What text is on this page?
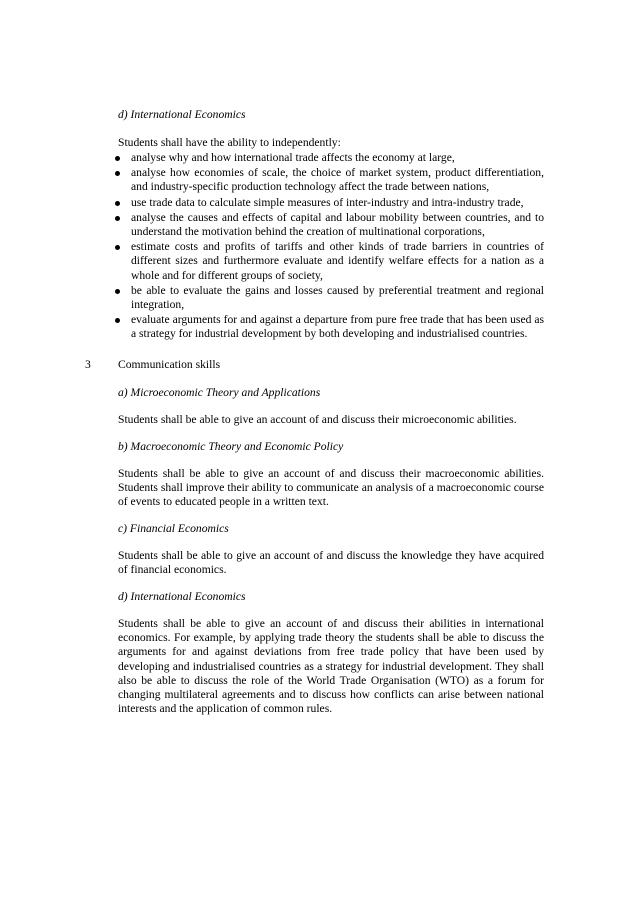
d) International Economics
Students shall have the ability to independently:
analyse why and how international trade affects the economy at large,
analyse how economies of scale, the choice of market system, product differentiation, and industry-specific production technology affect the trade between nations,
use trade data to calculate simple measures of inter-industry and intra-industry trade,
analyse the causes and effects of capital and labour mobility between countries, and to understand the motivation behind the creation of multinational corporations,
estimate costs and profits of tariffs and other kinds of trade barriers in countries of different sizes and furthermore evaluate and identify welfare effects for a nation as a whole and for different groups of society,
be able to evaluate the gains and losses caused by preferential treatment and regional integration,
evaluate arguments for and against a departure from pure free trade that has been used as a strategy for industrial development by both developing and industrialised countries.
3 Communication skills
a) Microeconomic Theory and Applications
Students shall be able to give an account of and discuss their microeconomic abilities.
b) Macroeconomic Theory and Economic Policy
Students shall be able to give an account of and discuss their macroeconomic abilities. Students shall improve their ability to communicate an analysis of a macroeconomic course of events to educated people in a written text.
c) Financial Economics
Students shall be able to give an account of and discuss the knowledge they have acquired of financial economics.
d) International Economics
Students shall be able to give an account of and discuss their abilities in international economics. For example, by applying trade theory the students shall be able to discuss the arguments for and against deviations from free trade policy that have been used by developing and industrialised countries as a strategy for industrial development. They shall also be able to discuss the role of the World Trade Organisation (WTO) as a forum for changing multilateral agreements and to discuss how conflicts can arise between national interests and the application of common rules.
